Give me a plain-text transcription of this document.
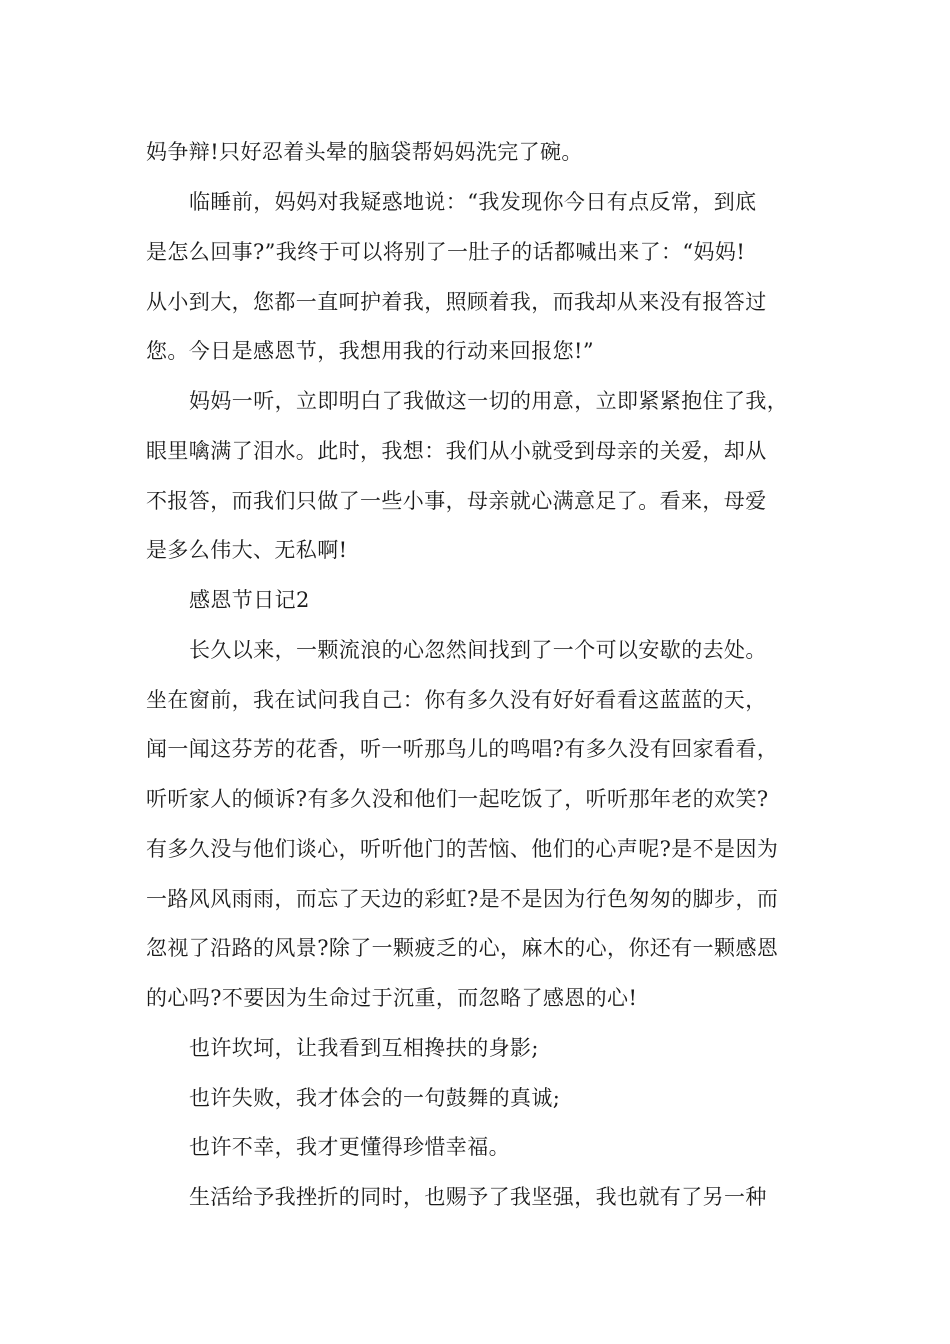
妈争辩!只好忍着头晕的脑袋帮妈妈洗完了碗。
临睡前，妈妈对我疑惑地说：“我发现你今日有点反常，到底
是怎么回事?”我终于可以将别了一肚子的话都喊出来了：“妈妈!
从小到大，您都一直呵护着我，照顾着我，而我却从来没有报答过
您。今日是感恩节，我想用我的行动来回报您!”
妈妈一听，立即明白了我做这一切的用意，立即紧紧抱住了我，
眼里噙满了泪水。此时，我想：我们从小就受到母亲的关爱，却从
不报答，而我们只做了一些小事，母亲就心满意足了。看来，母爱
是多么伟大、无私啊!
感恩节日记2
长久以来，一颗流浪的心忽然间找到了一个可以安歇的去处。
坐在窗前，我在试问我自己：你有多久没有好好看看这蓝蓝的天，
闻一闻这芬芳的花香，听一听那鸟儿的鸣唱?有多久没有回家看看，
听听家人的倾诉?有多久没和他们一起吃饭了，听听那年老的欢笑?
有多久没与他们谈心，听听他门的苦恼、他们的心声呢?是不是因为
一路风风雨雨，而忘了天边的彩虹?是不是因为行色匆匆的脚步，而
忽视了沿路的风景?除了一颗疲乏的心，麻木的心，你还有一颗感恩
的心吗?不要因为生命过于沉重，而忽略了感恩的心!
也许坎坷，让我看到互相搀扶的身影;
也许失败，我才体会的一句鼓舞的真诚;
也许不幸，我才更懂得珍惜幸福。
生活给予我挫折的同时，也赐予了我坚强，我也就有了另一种
